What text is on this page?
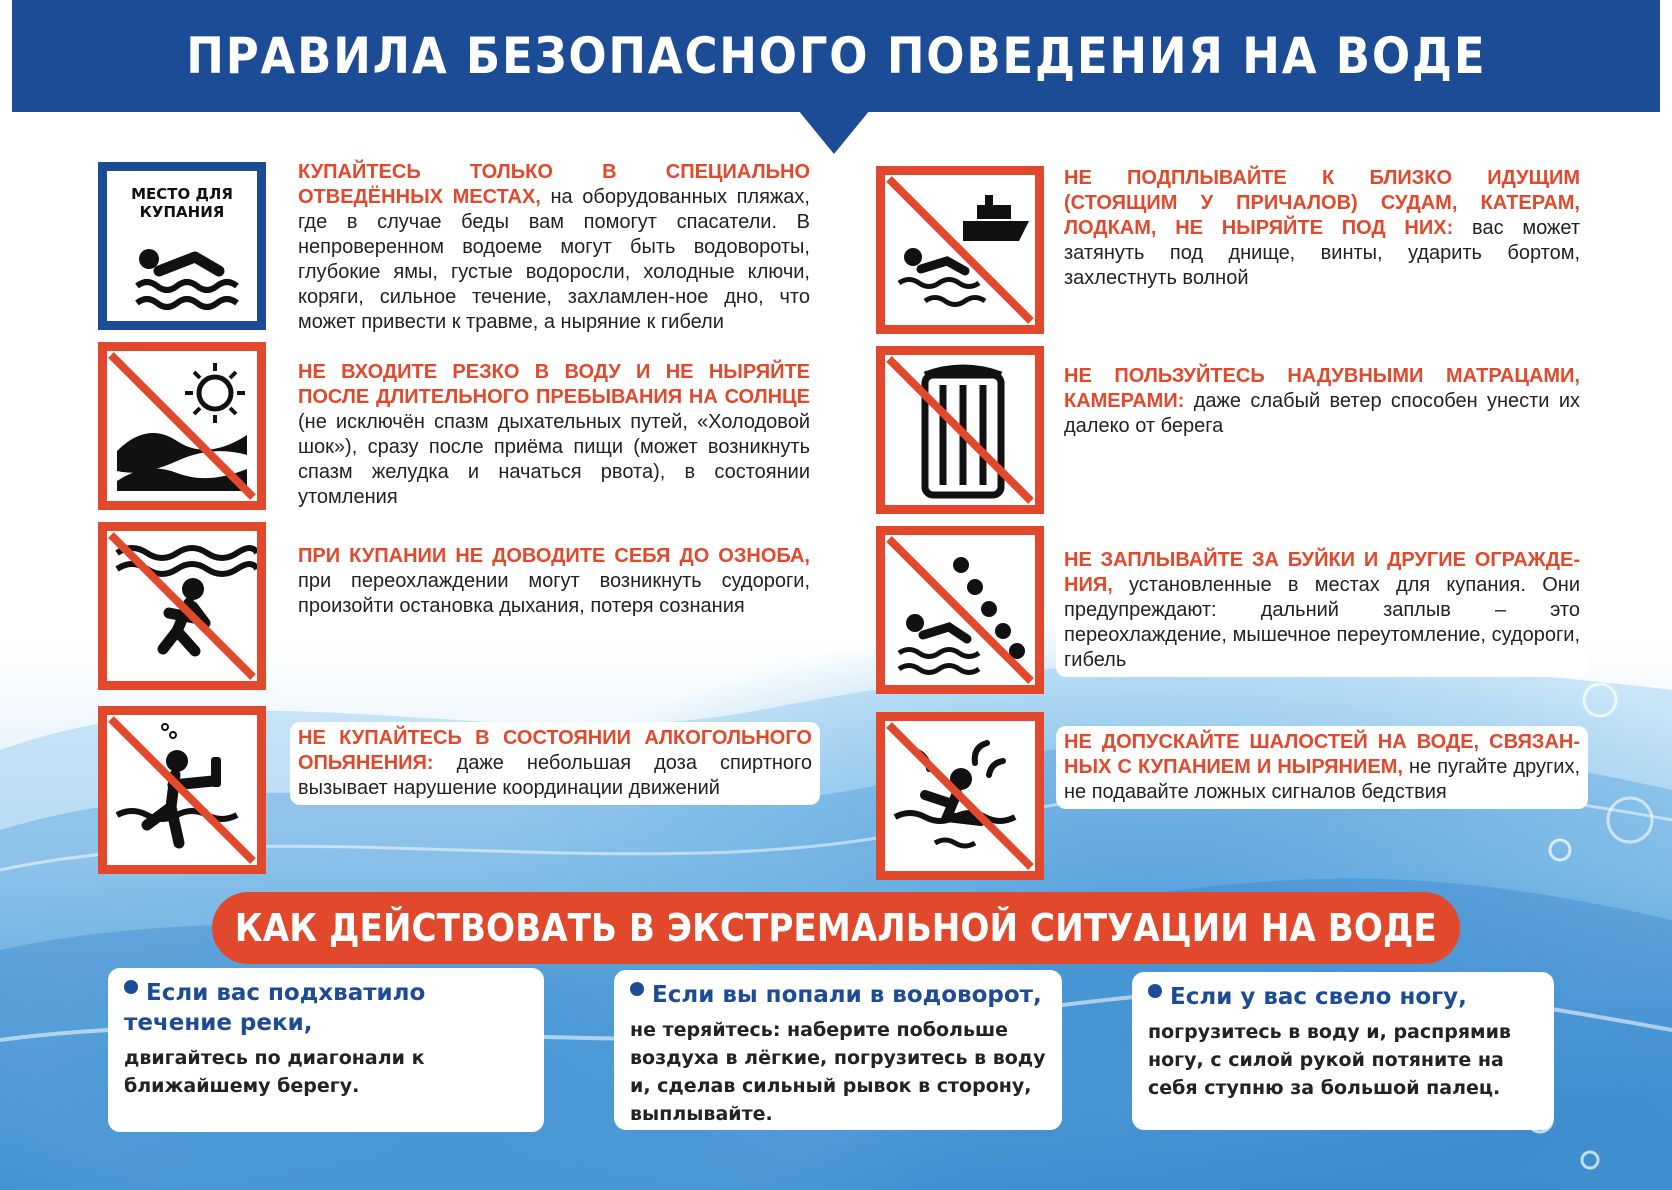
ПРАВИЛА БЕЗОПАСНОГО ПОВЕДЕНИЯ НА ВОДЕ
МЕСТО ДЛЯ КУПАНИЯ
КУПАЙТЕСЬ ТОЛЬКО В СПЕЦИАЛЬНО ОТВЕДЁННЫХ МЕСТАХ, на оборудованных пляжах, где в случае беды вам помогут спасатели. В непроверенном водоеме могут быть водовороты, глубокие ямы, густые водоросли, холодные ключи, коряги, сильное течение, захламлен-ное дно, что может привести к травме, а ныряние к гибели
НЕ ВХОДИТЕ РЕЗКО В ВОДУ И НЕ НЫРЯЙТЕ ПОСЛЕ ДЛИТЕЛЬНОГО ПРЕБЫВАНИЯ НА СОЛНЦЕ (не исключён спазм дыхательных путей, «Холодовой шок»), сразу после приёма пищи (может возникнуть спазм желудка и начаться рвота), в состоянии утомления
ПРИ КУПАНИИ НЕ ДОВОДИТЕ СЕБЯ ДО ОЗНОБА, при переохлаждении могут возникнуть судороги, произойти остановка дыхания, потеря сознания
НЕ КУПАЙТЕСЬ В СОСТОЯНИИ АЛКОГОЛЬНОГО ОПЬЯНЕНИЯ: даже небольшая доза спиртного вызывает нарушение координации движений
НЕ ПОДПЛЫВАЙТЕ К БЛИЗКО ИДУЩИМ (СТОЯЩИМ У ПРИЧАЛОВ) СУДАМ, КАТЕРАМ, ЛОДКАМ, НЕ НЫРЯЙТЕ ПОД НИХ: вас может затянуть под днище, винты, ударить бортом, захлестнуть волной
НЕ ПОЛЬЗУЙТЕСЬ НАДУВНЫМИ МАТРАЦАМИ, КАМЕРАМИ: даже слабый ветер способен унести их далеко от берега
НЕ ЗАПЛЫВАЙТЕ ЗА БУЙКИ И ДРУГИЕ ОГРАЖДЕ-НИЯ, установленные в местах для купания. Они предупреждают: дальний заплыв – это переохлаждение, мышечное переутомление, судороги, гибель
НЕ ДОПУСКАЙТЕ ШАЛОСТЕЙ НА ВОДЕ, СВЯЗАН-НЫХ С КУПАНИЕМ И НЫРЯНИЕМ, не пугайте других, не подавайте ложных сигналов бедствия
КАК ДЕЙСТВОВАТЬ В ЭКСТРЕМАЛЬНОЙ СИТУАЦИИ НА ВОДЕ
Если вас подхватило течение реки,
двигайтесь по диагонали к ближайшему берегу.
Если вы попали в водоворот,
не теряйтесь: наберите побольше воздуха в лёгкие, погрузитесь в воду и, сделав сильный рывок в сторону, выплывайте.
Если у вас свело ногу,
погрузитесь в воду и, распрямив ногу, с силой рукой потяните на себя ступню за большой палец.
